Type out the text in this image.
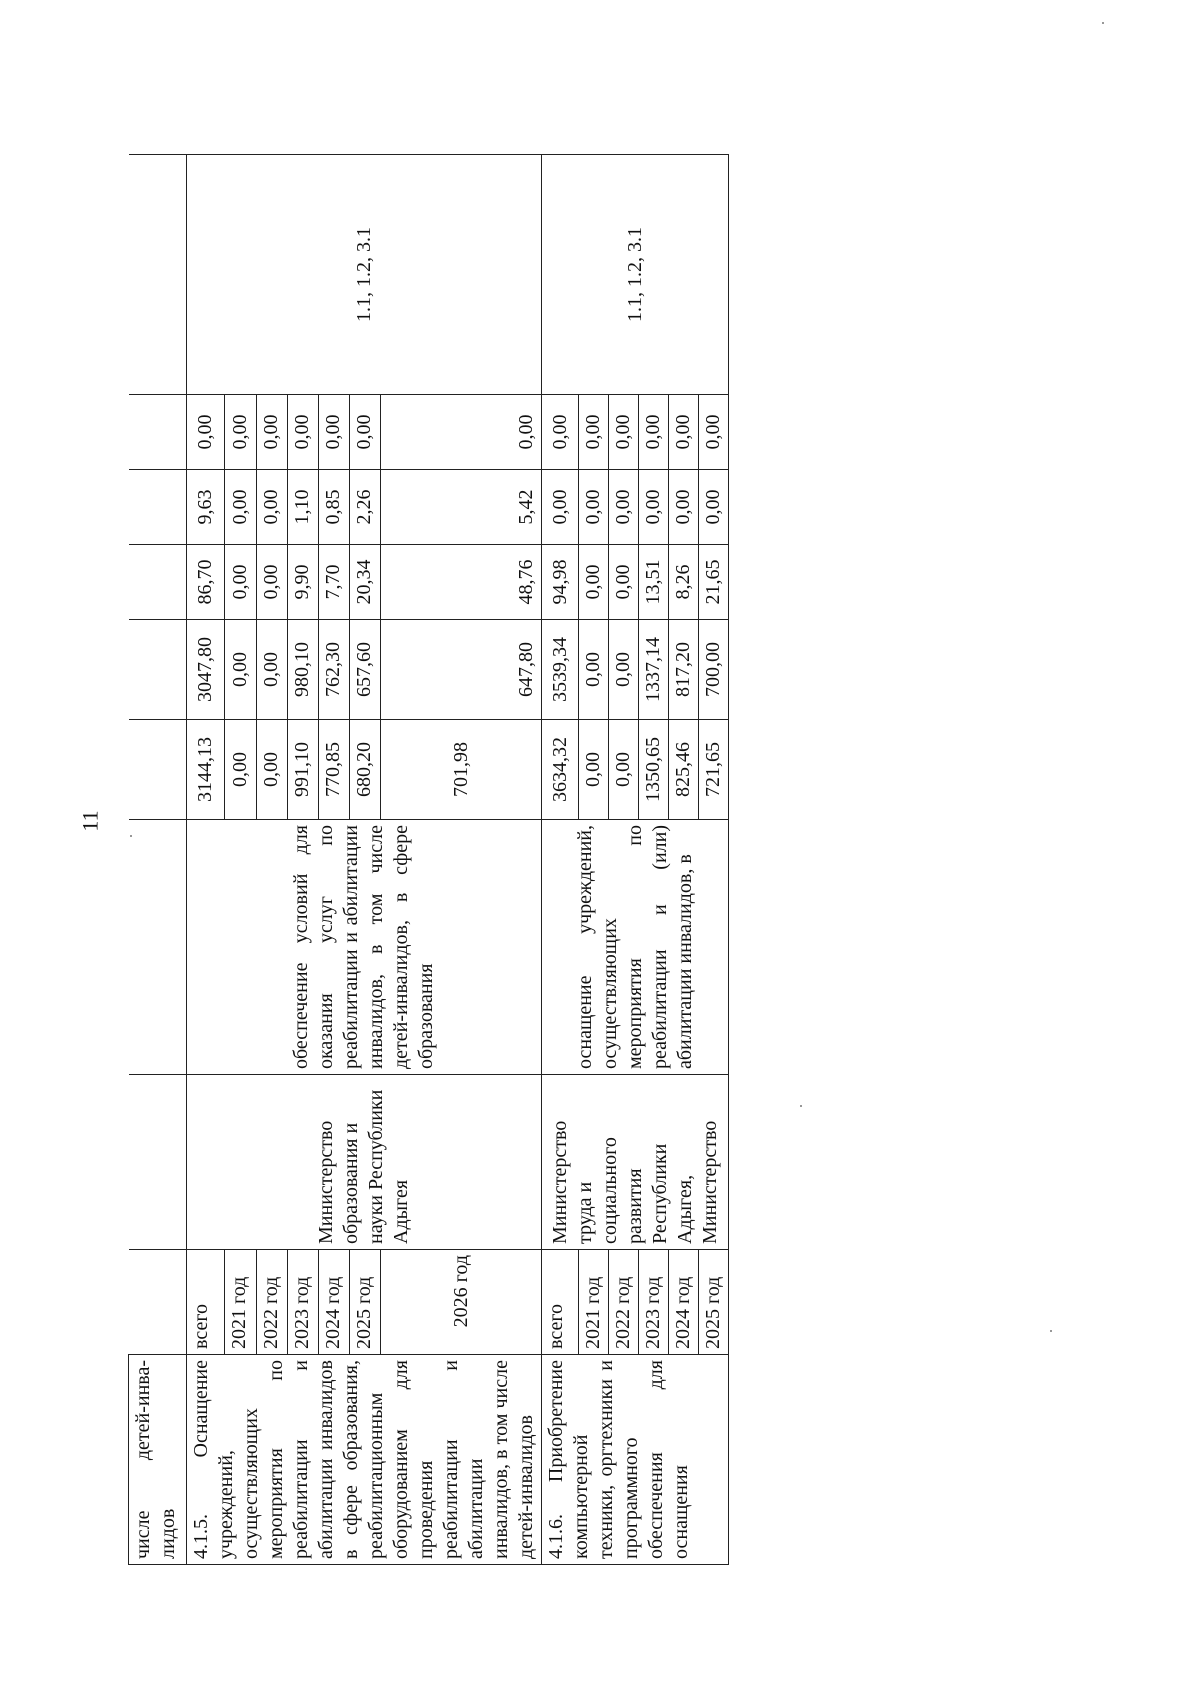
11
числе детей-инва-лидов									
4.1.5. Оснащение учреждений, осуществляющих мероприятия по реабилитации и абилитации инвалидов в сфере образования, реабилитационным оборудованием для проведения реабилитации и абилитации инвалидов, в том числе детей-инвалидов	всего	Министерство образования и науки Республики Адыгея	обеспечение условий для оказания услуг по реабилитации и абилитации инвалидов, в том числе детей-инвалидов, в сфере образования	3144,13	3047,80	86,70	9,63	0,00	1.1, 1.2, 3.1
	2021 год			0,00	0,00	0,00	0,00	0,00	
	2022 год			0,00	0,00	0,00	0,00	0,00	
	2023 год			991,10	980,10	9,90	1,10	0,00	
	2024 год			770,85	762,30	7,70	0,85	0,00	
	2025 год			680,20	657,60	20,34	2,26	0,00	
	2026 год			701,98	647,80	48,76	5,42	0,00	
4.1.6. Приобретение компьютерной техники, оргтехники и программного обеспечения для оснащения	всего	Министерство труда и социального развития Республики Адыгея, Министерство	оснащение учреждений, осуществляющих мероприятия по реабилитации и (или) абилитации инвалидов, в	3634,32	3539,34	94,98	0,00	0,00	1.1, 1.2, 3.1
	2021 год			0,00	0,00	0,00	0,00	0,00	
	2022 год			0,00	0,00	0,00	0,00	0,00	
	2023 год			1350,65	1337,14	13,51	0,00	0,00	
	2024 год			825,46	817,20	8,26	0,00	0,00	
	2025 год			721,65	700,00	21,65	0,00	0,00	
